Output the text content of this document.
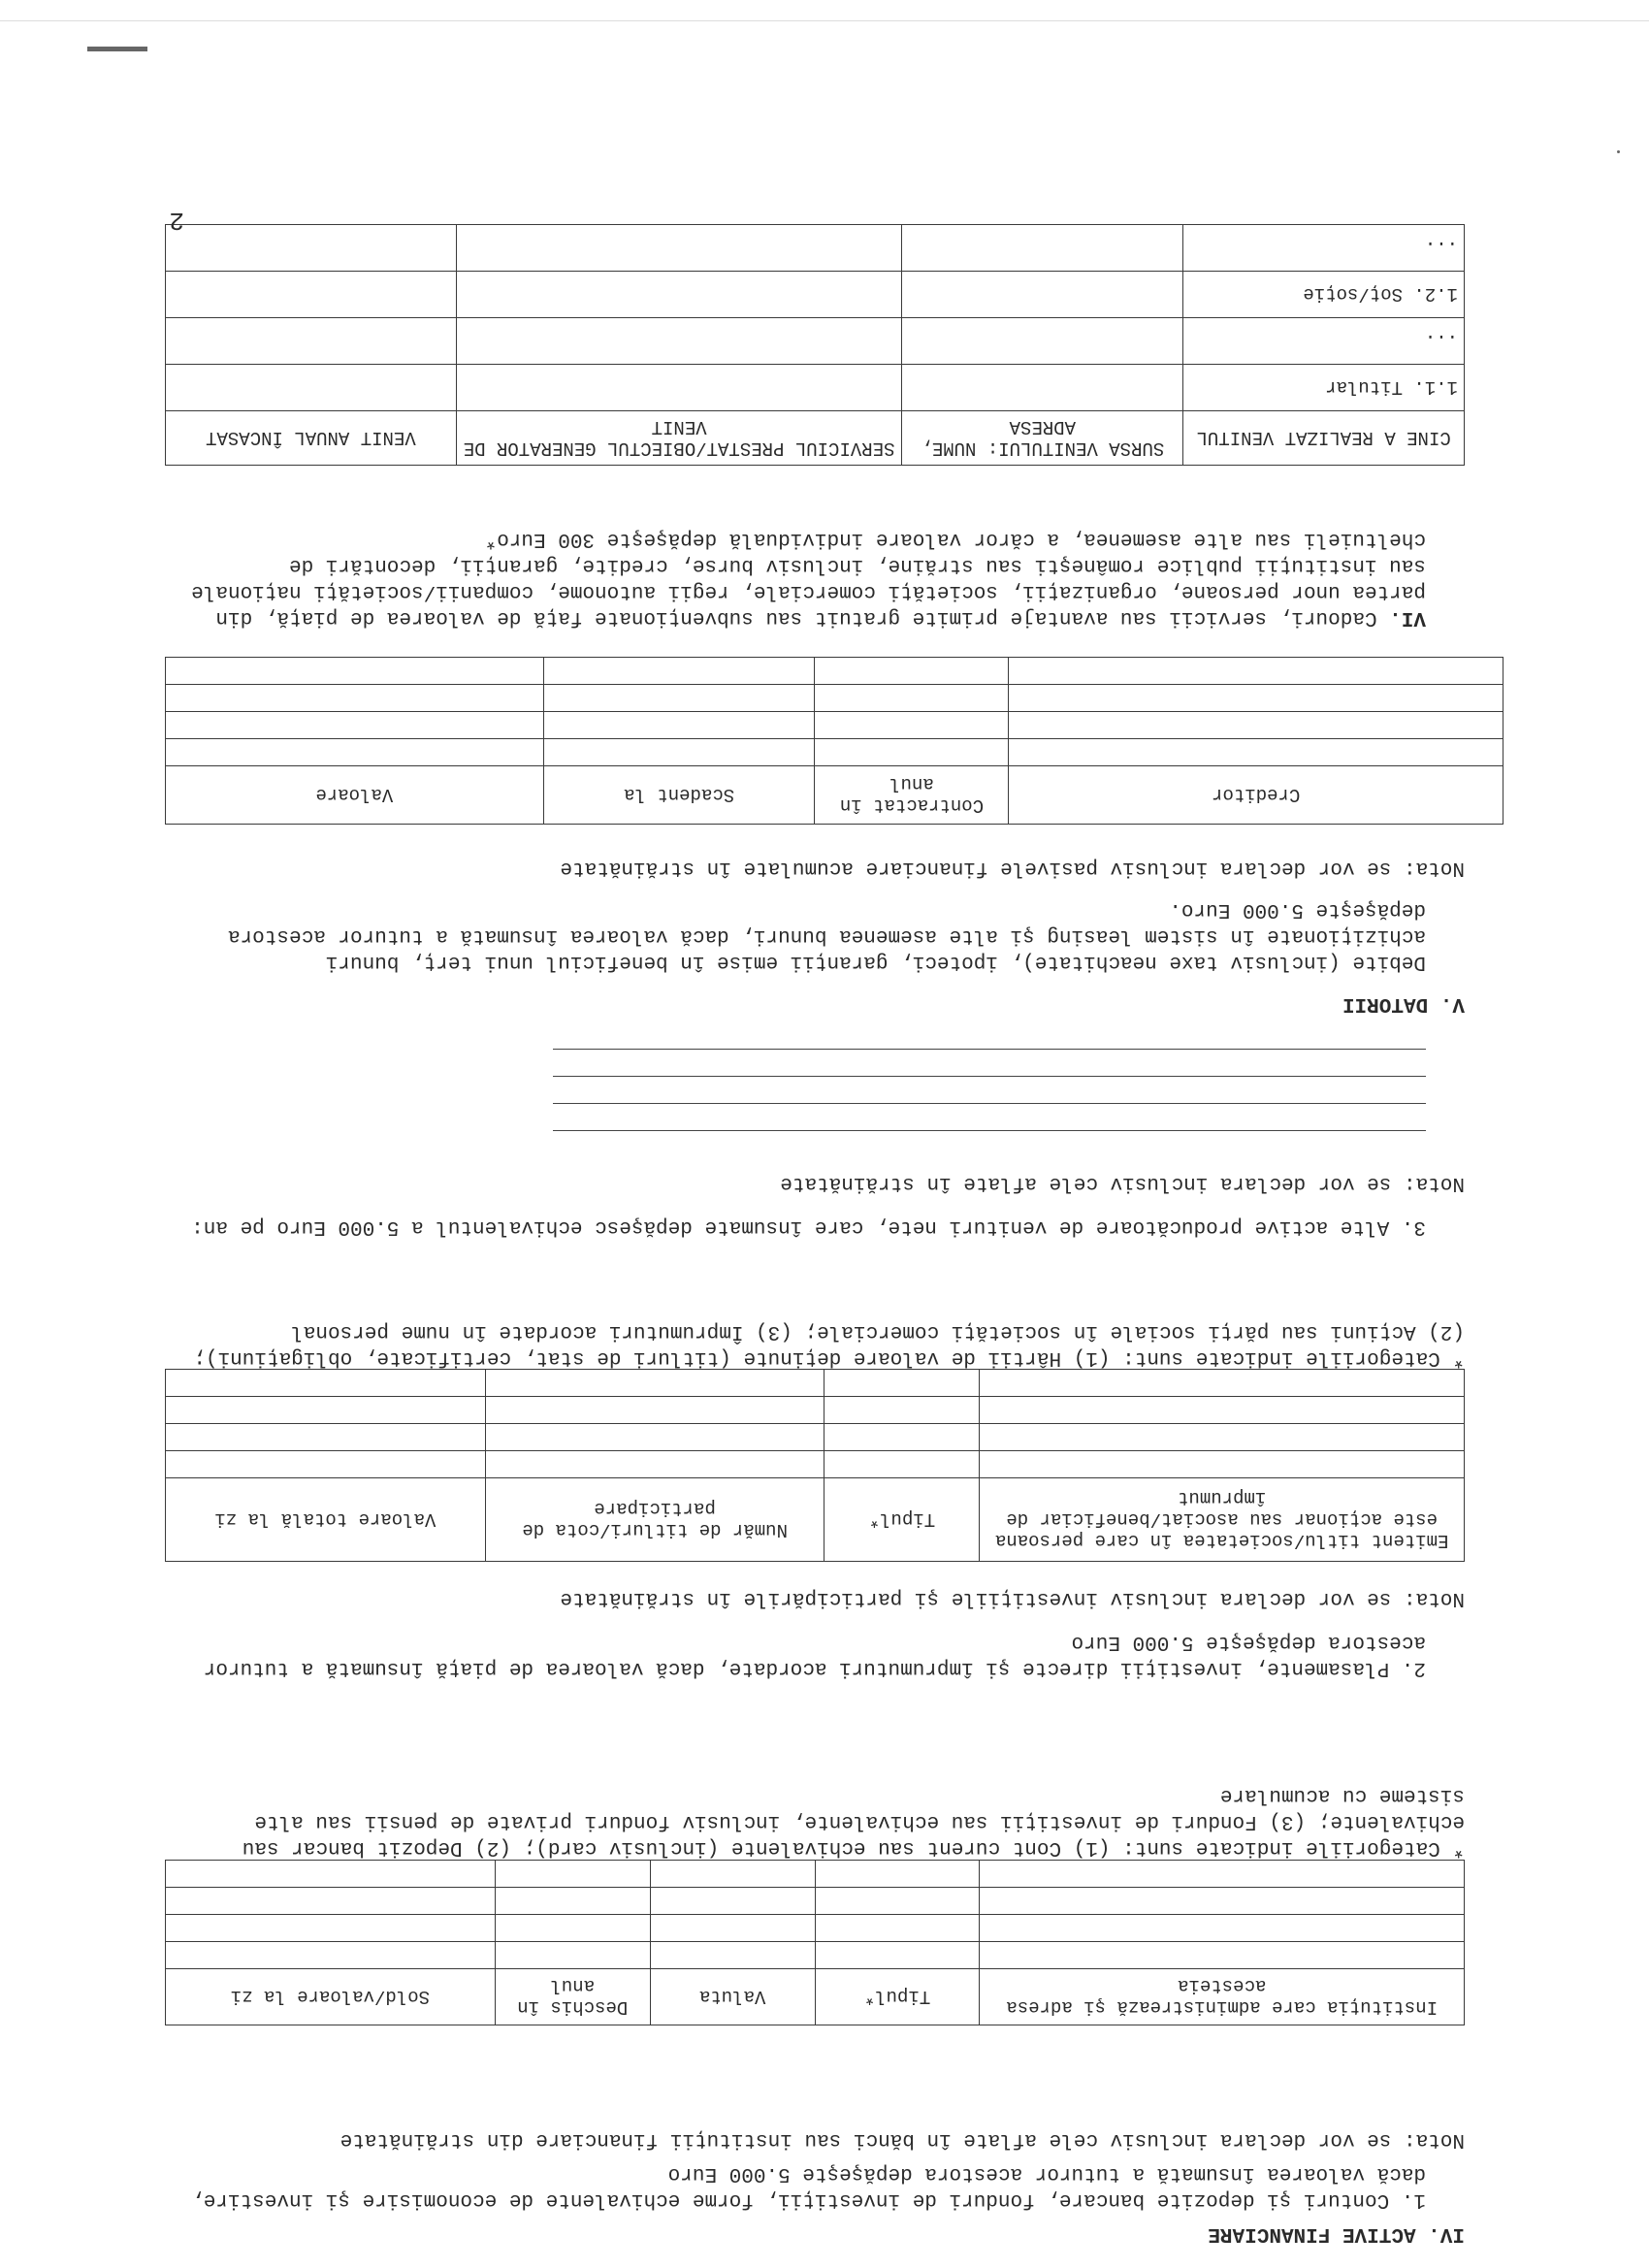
IV. ACTIVE FINANCIARE

1. Conturi şi depozite bancare, fonduri de investiţii, forme echivalente de economisire şi investire, dacă valoarea însumată a tuturor acestora depăşeşte 5.000 Euro

Nota: se vor declara inclusiv cele aflate în bănci sau instituţii financiare din străinătate

Instituţia care administrează şi adresa acesteia	Tipul*	Valuta	Deschis în anul	Sold/valoare la zi

* Categoriile indicate sunt: (1) Cont curent sau echivalente (inclusiv card); (2) Depozit bancar sau echivalente; (3) Fonduri de investiţii sau echivalente, inclusiv fonduri private de pensii sau alte sisteme cu acumulare

2. Plasamente, investiţii directe şi împrumuturi acordate, dacă valoarea de piaţă însumată a tuturor acestora depăşeşte 5.000 Euro

Nota: se vor declara inclusiv investiţiile şi participările în străinătate

Emitent titlu/societatea în care persoana este acţionar sau asociat/beneficiar de împrumut	Tipul*	Număr de titluri/cota de participare	Valoare totală la zi

* Categoriile indicate sunt: (1) Hârtii de valoare deţinute (titluri de stat, certificate, obligaţiuni); (2) Acţiuni sau părţi sociale în societăţi comerciale; (3) Împrumuturi acordate în nume personal

3. Alte active producătoare de venituri nete, care însumate depăşesc echivalentul a 5.000 Euro pe an:

Nota: se vor declara inclusiv cele aflate în străinătate

V. DATORII

Debite (inclusiv taxe neachitate), ipoteci, garanţii emise în beneficiul unui terţ, bunuri achiziţionate în sistem leasing şi alte asemenea bunuri, dacă valoarea însumată a tuturor acestora depăşeşte 5.000 Euro.

Nota: se vor declara inclusiv pasivele financiare acumulate în străinătate

Creditor	Contractat în anul	Scadent la	Valoare

VI. Cadouri, servicii sau avantaje primite gratuit sau subvenţionate faţă de valoarea de piaţă, din partea unor persoane, organizaţii, societăţi comerciale, regii autonome, companii/societăţi naţionale sau instituţii publice româneşti sau străine, inclusiv burse, credite, garanţii, decontări de cheltuieli sau alte asemenea, a căror valoare individuală depăşeşte 300 Euro*

CINE A REALIZAT VENITUL	SURSA VENITULUI: NUME, ADRESA	SERVICIUL PRESTAT/OBIECTUL GENERATOR DE VENIT	VENIT ANUAL ÎNCASAT
1.1. Titular			
...			
1.2. Soţ/soţie			
...			
2
